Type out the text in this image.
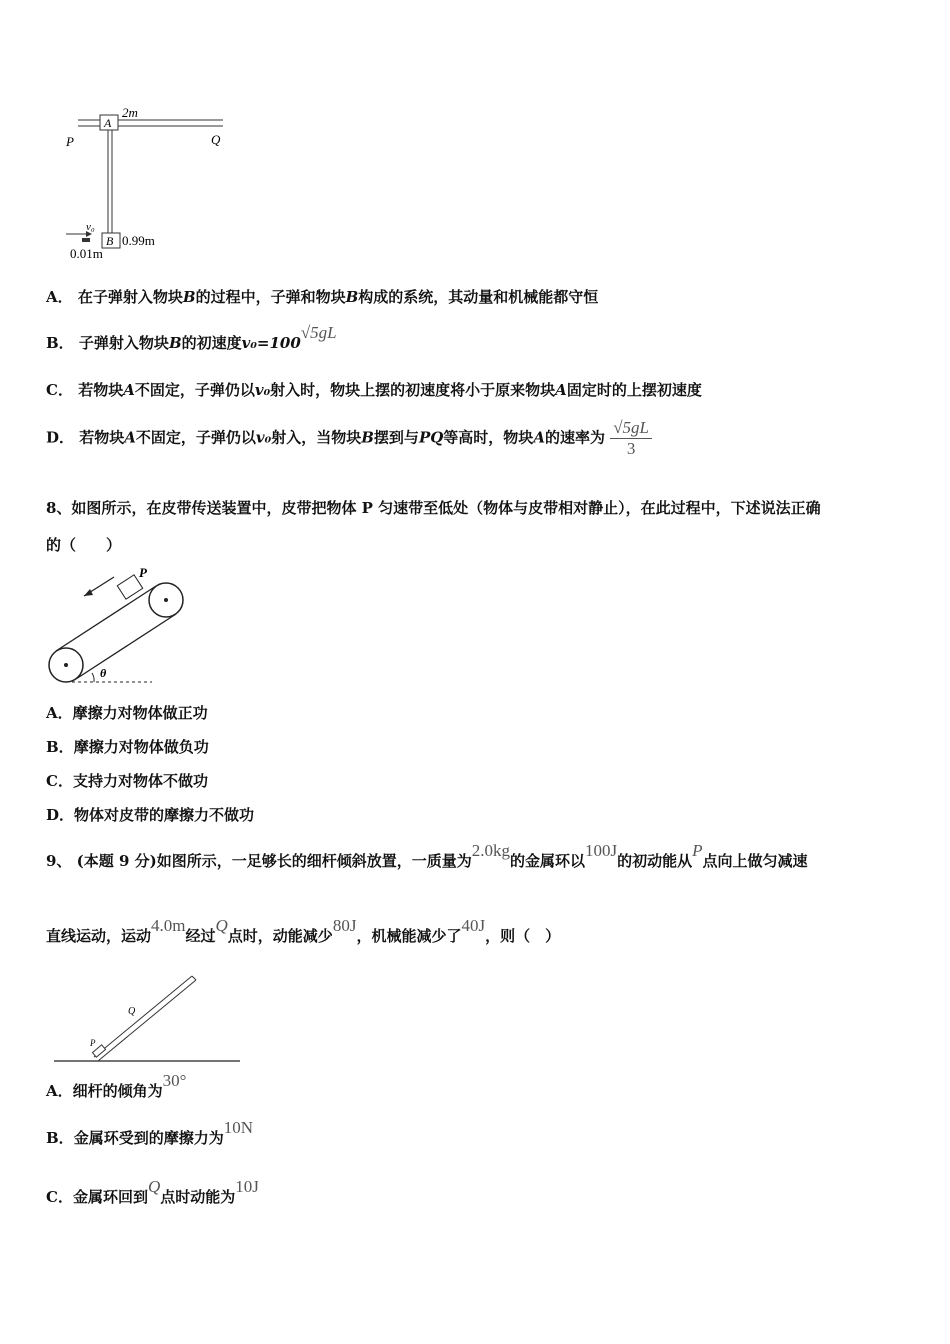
A
2m
P	Q
B 0.99m
v₀
0.01m
A． 在子弹射入物块B的过程中，子弹和物块B构成的系统，其动量和机械能都守恒
B． 子弹射入物块B的初速度v₀=100√5gL
C． 若物块A不固定，子弹仍以v₀射入时，物块上摆的初速度将小于原来物块A固定时的上摆初速度
D． 若物块A不固定，子弹仍以v₀射入，当物块B摆到与PQ等高时，物块A的速率为 $\frac{√5gL}{3}$
8、如图所示，在皮带传送装置中，皮带把物体 P 匀速带至低处（物体与皮带相对静止），在此过程中，下述说法正确
的（　　）
P
θ
A．摩擦力对物体做正功
B．摩擦力对物体做负功
C．支持力对物体不做功
D．物体对皮带的摩擦力不做功
9、 (本题 9 分)如图所示，一足够长的细杆倾斜放置，一质量为2.0kg的金属环以100J的初动能从P点向上做匀减速
直线运动，运动4.0m经过Q点时，动能减少80J，机械能减少了40J，则（　）
Q
P
A．细杆的倾角为30°
B．金属环受到的摩擦力为10N
C．金属环回到Q点时动能为10J
